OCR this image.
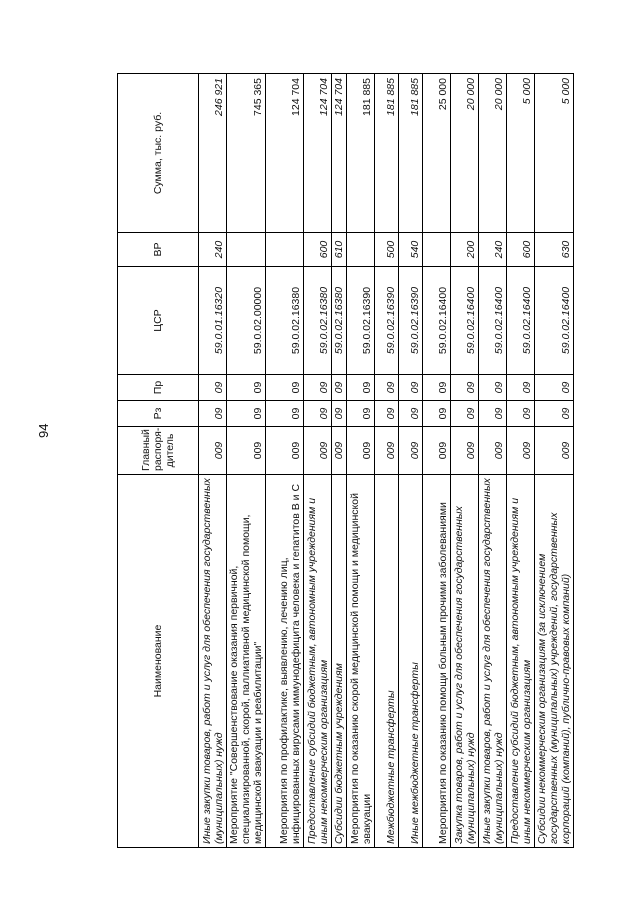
94
Наименование	Главный распоря-дитель	Рз	Пр	ЦСР	ВР	Сумма, тыс. руб.
Иные закупки товаров, работ и услуг для обеспечения государственных (муниципальных) нужд	009	09	09	59.0.01.16320	240	246 921
Мероприятие "Совершенствование оказания первичной, специализированной, скорой, паллиативной медицинской помощи, медицинской эвакуации и реабилитации"	009	09	09	59.0.02.00000		745 365
Мероприятия по профилактике, выявлению, лечению лиц, инфицированных вирусами иммунодефицита человека и гепатитов В и С	009	09	09	59.0.02.16380		124 704
Предоставление субсидий бюджетным, автономным учреждениям и иным некоммерческим организациям	009	09	09	59.0.02.16380	600	124 704
Субсидии бюджетным учреждениям	009	09	09	59.0.02.16380	610	124 704
Мероприятия по оказанию скорой медицинской помощи и медицинской эвакуации	009	09	09	59.0.02.16390		181 885
Межбюджетные трансферты	009	09	09	59.0.02.16390	500	181 885
Иные межбюджетные трансферты	009	09	09	59.0.02.16390	540	181 885
Мероприятия по оказанию помощи больным прочими заболеваниями	009	09	09	59.0.02.16400		25 000
Закупка товаров, работ и услуг для обеспечения государственных (муниципальных) нужд	009	09	09	59.0.02.16400	200	20 000
Иные закупки товаров, работ и услуг для обеспечения государственных (муниципальных) нужд	009	09	09	59.0.02.16400	240	20 000
Предоставление субсидий бюджетным, автономным учреждениям и иным некоммерческим организациям	009	09	09	59.0.02.16400	600	5 000
Субсидии некоммерческим организациям (за исключением государственных (муниципальных) учреждений, государственных корпораций (компаний), публично-правовых компаний)	009	09	09	59.0.02.16400	630	5 000
